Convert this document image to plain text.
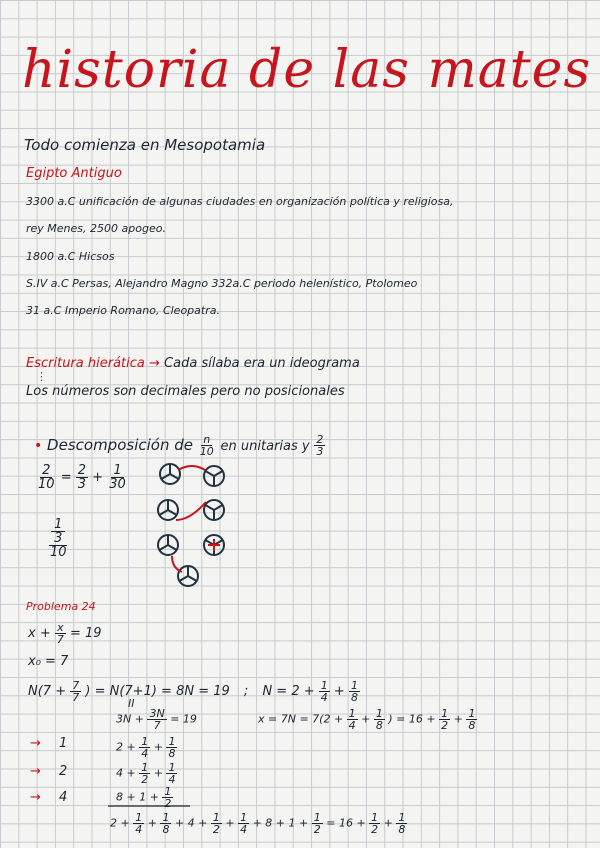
historia de las mates
Todo comienza en Mesopotamia
Egipto Antiguo
3300 a.C unificación de algunas ciudades en organización política y religiosa,
rey Menes, 2500 apogeo.
1800 a.C Hicsos
S.IV a.C Persas, Alejandro Magno 332a.C periodo helenístico, Ptolomeo
31 a.C Imperio Romano, Cleopatra.
Escritura hierática → Cada sílaba era un ideograma
⋮
Los números son decimales pero no posicionales
• Descomposición de $\frac{n}{10}$ en unitarias y $\frac{2}{3}$
$\frac{2}{10} = \frac{2}{3} + \frac{1}{30}$
1
3
10
Problema 24
$x + \frac{x}{7} = 19$
x₀ = 7
$N(7 + \frac{7}{7}$ ) = N(7+1) = 8N = 19 ; $N = 2 + \frac{1}{4} + \frac{1}{8}$
II
$3N + \frac{3N}{7} = 19$	$x = 7N = 7(2 + \frac{1}{4} + \frac{1}{8}$ ) = $16 + \frac{1}{2} + \frac{1}{8}$
→ 1	$2 + \frac{1}{4} + \frac{1}{8}$
→ 2	$4 + \frac{1}{2} + \frac{1}{4}$
→ 4	$8 + 1 + \frac{1}{2}$
$2 + \frac{1}{4} + \frac{1}{8} + 4 + \frac{1}{2} + \frac{1}{4} + 8 + 1 + \frac{1}{2} = 16 + \frac{1}{2} + \frac{1}{8}$
